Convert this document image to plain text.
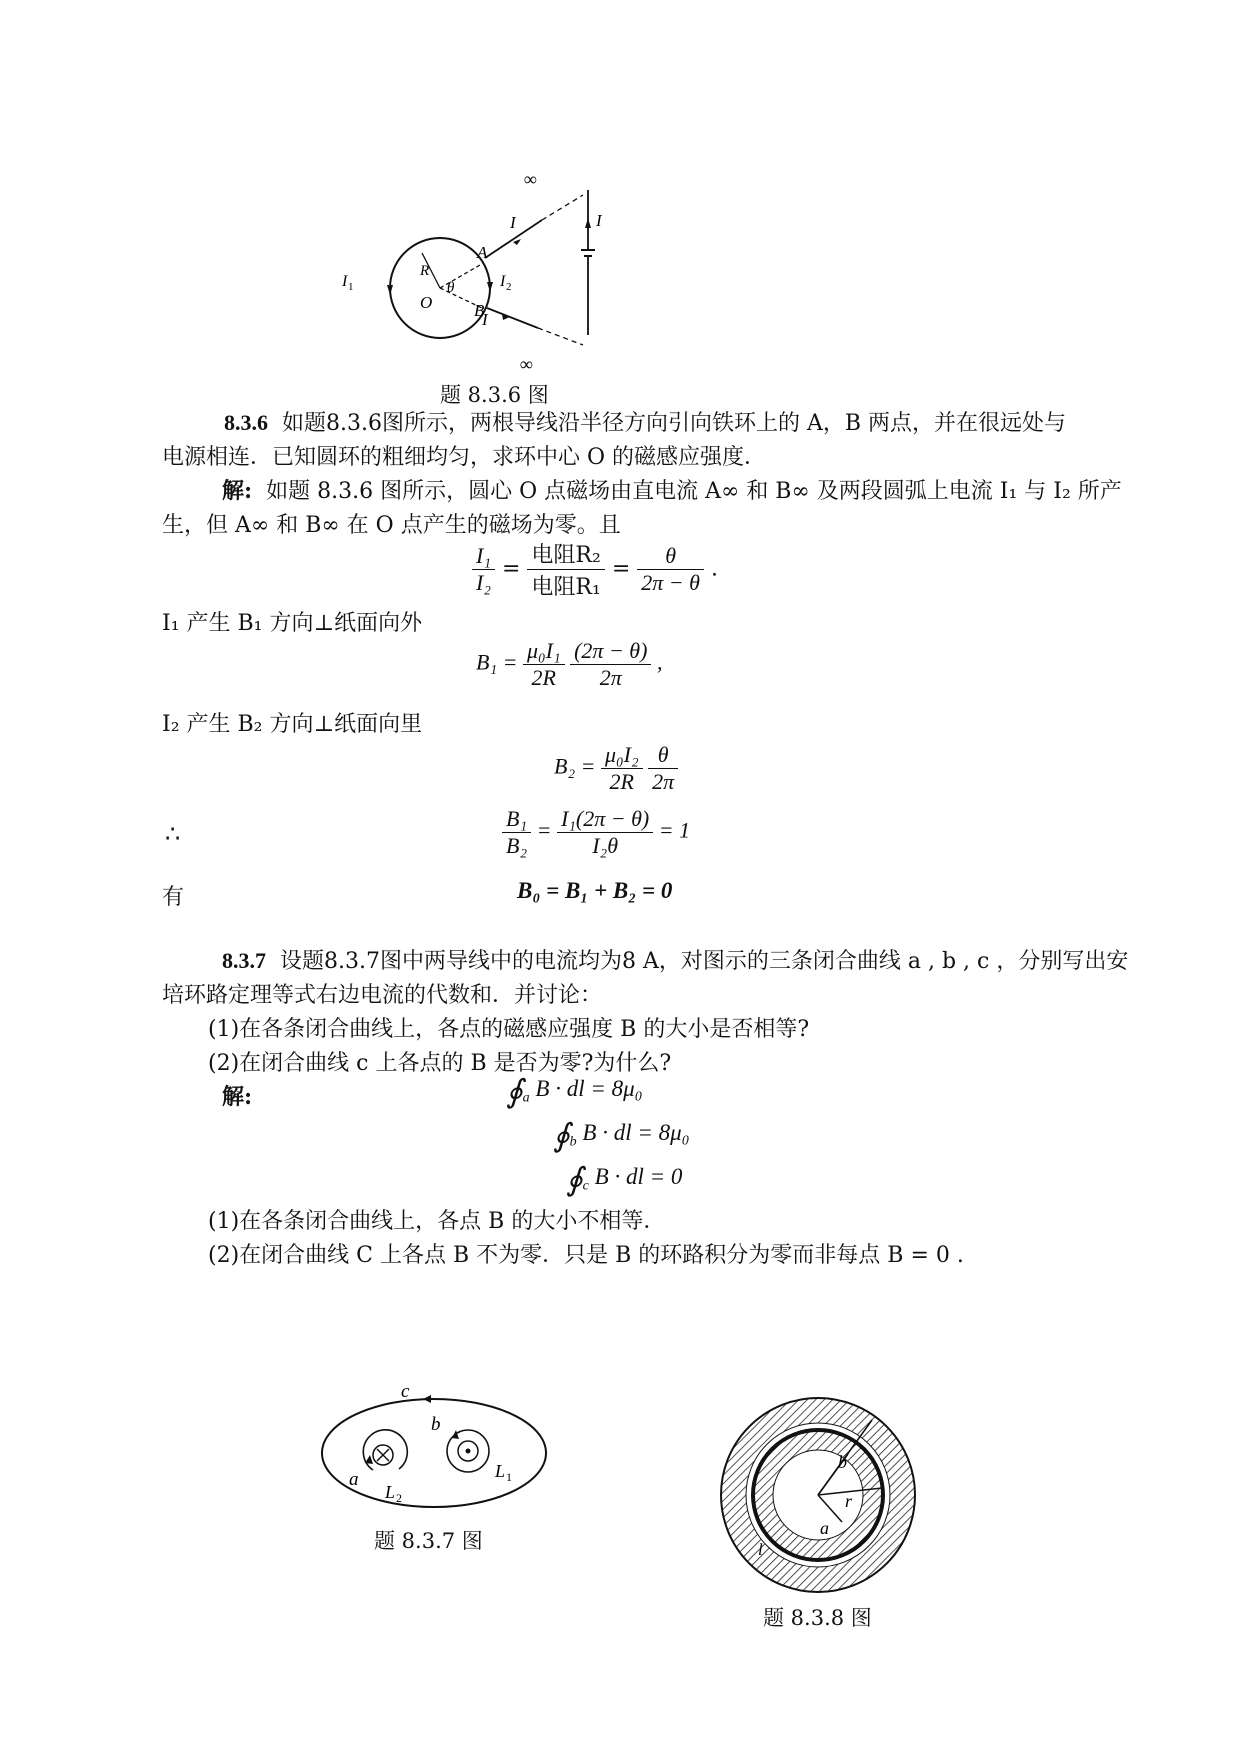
∞
∞
I
I
I
A
B
R
O
θ
I 1	I 2
题 8.3.6 图
8.3.6 如题8.3.6图所示，两根导线沿半径方向引向铁环上的 A，B 两点，并在很远处与电源相连．已知圆环的粗细均匀，求环中心 O 的磁感应强度．
解: 如题 8.3.6 图所示，圆心 O 点磁场由直电流 A∞ 和 B∞ 及两段圆弧上电流 I₁ 与 I₂ 所产
生，但 A∞ 和 B∞ 在 O 点产生的磁场为零。且
$\frac{\text{I₁}}{\text{I₂}} = \frac{\text{电阻R₂}}{\text{电阻R₁}} = \frac{\theta}{2\pi - \theta}$ .
I₁ 产生 B₁ 方向⊥纸面向外
$B_1 = \frac{\text{μ₀I₁}}{2R}$
$\frac{(2\pi - \theta)}{2\pi}$ ,
I₂ 产生 B₂ 方向⊥纸面向里
$B_2 = \frac{\text{μ₀I₂}}{2R}$
$\frac{\theta}{2\pi}$
∴	$\frac{\text{B₁}}{\text{B₂}} = \frac{\text{I₁(2π − θ)}}{\text{I₂θ}} = 1$
有	B₀ = B₁ + B₂ = 0
8.3.7 设题8.3.7图中两导线中的电流均为8 A，对图示的三条闭合曲线 a , b , c ，分别写出安
培环路定理等式右边电流的代数和．并讨论：
(1)在各条闭合曲线上，各点的磁感应强度 B 的大小是否相等?
(2)在闭合曲线 c 上各点的 B 是否为零?为什么?
解:	$∮_a$ B · dl = 8μ₀
$∮_b$ B · dl = 8μ₀
$∮_c$ B · dl = 0
(1)在各条闭合曲线上，各点 B 的大小不相等．
(2)在闭合曲线 C 上各点 B 不为零．只是 B 的环路积分为零而非每点 B = 0 .
c
b
a
L 2
L 1
题 8.3.7 图
b
r
a
l
题 8.3.8 图
